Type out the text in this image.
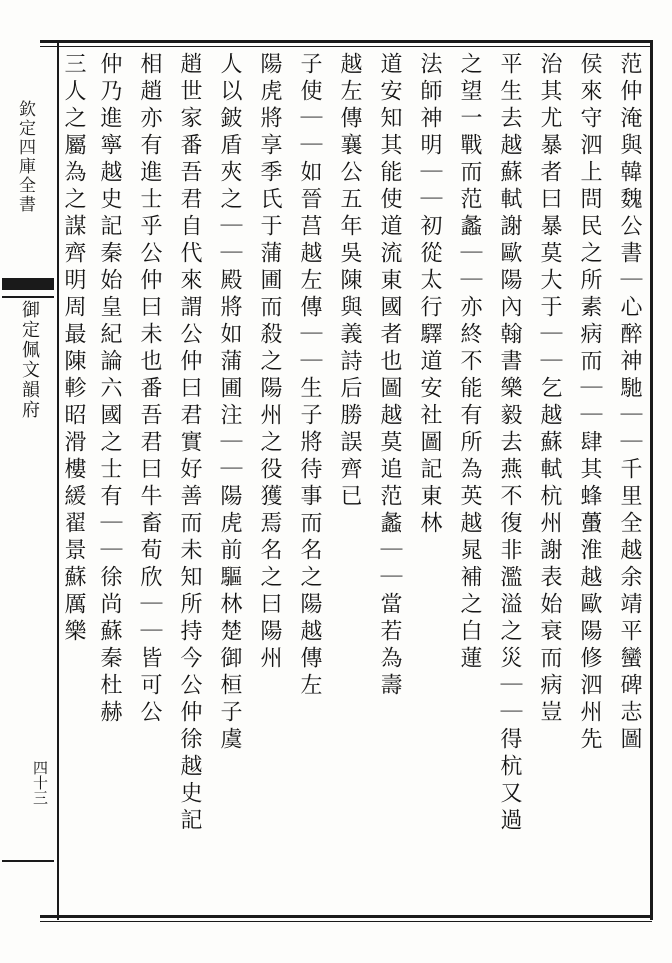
欽定四庫全書
御定佩文韻府
四十三
范仲淹與韓魏公書｜心醉神馳｜｜千里全越余靖平蠻碑志圖
侯來守泗上問民之所素病而｜｜肆其蜂蠆淮越歐陽修泗州先
治其尤暴者曰暴莫大于｜｜乞越蘇軾杭州謝表始衰而病豈
平生去越蘇軾謝歐陽內翰書樂毅去燕不復非濫溢之災｜｜得杭又過
之望一戰而范蠡｜｜亦終不能有所為英越晁補之白蓮
法師神明｜｜初從太行驛道安社圖記東林
道安知其能使道流東國者也圖越莫追范蠡｜｜當若為壽
越左傳襄公五年吳陳與義詩后勝誤齊已
子使｜｜如晉莒越左傳｜｜生子將待事而名之陽越傳左
陽虎將享季氏于蒲圃而殺之陽州之役獲焉名之曰陽州
人以鈹盾夾之｜｜殿將如蒲圃注｜｜陽虎前驅林楚御桓子虞
趙世家番吾君自代來謂公仲曰君實好善而未知所持今公仲徐越史記
相趙亦有進士乎公仲曰未也番吾君曰牛畜荀欣｜｜皆可公
仲乃進寧越史記秦始皇紀論六國之士有｜｜徐尚蘇秦杜赫
三人之屬為之謀齊明周最陳軫昭滑樓緩翟景蘇厲樂
